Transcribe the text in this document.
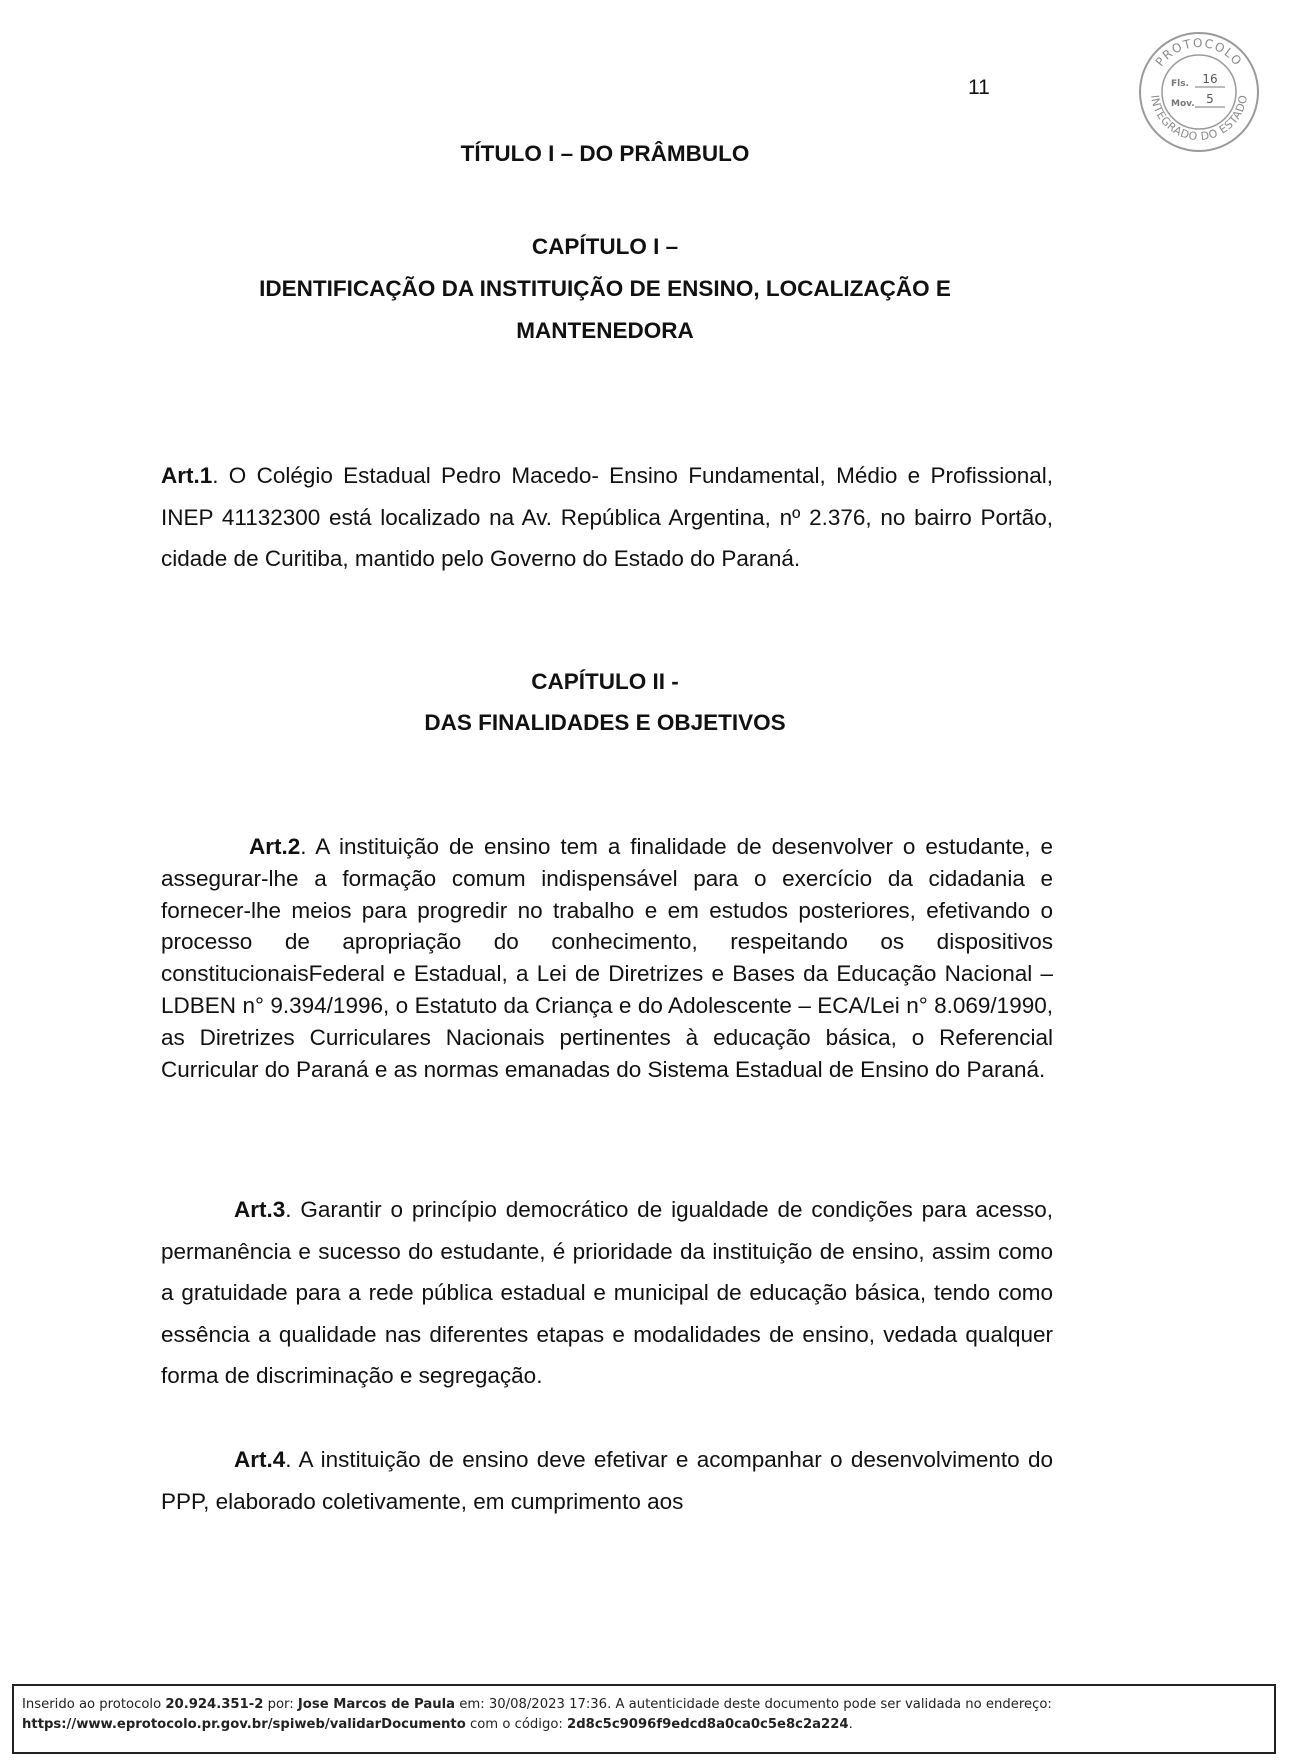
11
PROTOCOLO
INTEGRADO DO ESTADO
Fls. 16
Mov. 5
TÍTULO I – DO PRÂMBULO
CAPÍTULO I –
IDENTIFICAÇÃO DA INSTITUIÇÃO DE ENSINO, LOCALIZAÇÃO E
MANTENEDORA

Art.1. O Colégio Estadual Pedro Macedo- Ensino Fundamental, Médio e Profissional, INEP 41132300 está localizado na Av. República Argentina, nº 2.376, no bairro Portão, cidade de Curitiba, mantido pelo Governo do Estado do Paraná.

CAPÍTULO II -
DAS FINALIDADES E OBJETIVOS

Art.2. A instituição de ensino tem a finalidade de desenvolver o estudante, e assegurar-lhe a formação comum indispensável para o exercício da cidadania e fornecer-lhe meios para progredir no trabalho e em estudos posteriores, efetivando o processo de apropriação do conhecimento, respeitando os dispositivos constitucionaisFederal e Estadual, a Lei de Diretrizes e Bases da Educação Nacional – LDBEN n° 9.394/1996, o Estatuto da Criança e do Adolescente – ECA/Lei n° 8.069/1990, as Diretrizes Curriculares Nacionais pertinentes à educação básica, o Referencial Curricular do Paraná e as normas emanadas do Sistema Estadual de Ensino do Paraná.

Art.3. Garantir o princípio democrático de igualdade de condições para acesso, permanência e sucesso do estudante, é prioridade da instituição de ensino, assim como a gratuidade para a rede pública estadual e municipal de educação básica, tendo como essência a qualidade nas diferentes etapas e modalidades de ensino, vedada qualquer forma de discriminação e segregação.

Art.4. A instituição de ensino deve efetivar e acompanhar o desenvolvimento do PPP, elaborado coletivamente, em cumprimento aos

Inserido ao protocolo 20.924.351-2 por: Jose Marcos de Paula em: 30/08/2023 17:36. A autenticidade deste documento pode ser validada no endereço:
https://www.eprotocolo.pr.gov.br/spiweb/validarDocumento com o código: 2d8c5c9096f9edcd8a0ca0c5e8c2a224.
